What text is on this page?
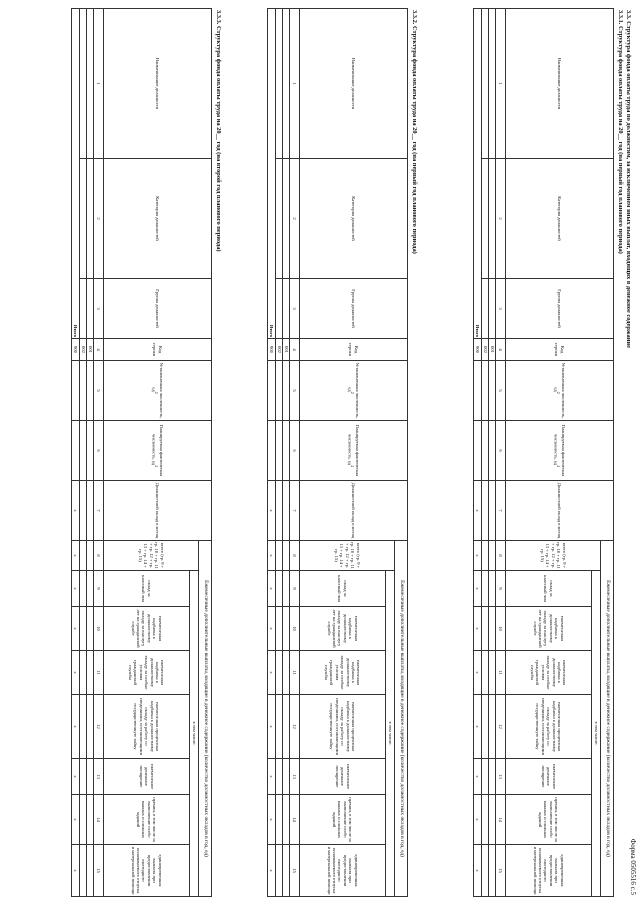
Форма 0505516 с.5
3.3. Структура фонда оплаты труда по должностям, за исключением иных выплат, входящих в денежное содержание
3.3.1. Структура фонда оплаты труда на 20__ год (на первый год планового периода)
Наименование должности	Категория должностей	Группа должностей	Код строки	Установленная численность, $ед^2$	Планируемая фактическая численность, $ед^4$	Должностной оклад в месяц	Ежемесячные дополнительные выплаты, входящие в денежное содержание (количество должностных окладов в год, ед)							
							всего (гр. 9 + гр. 10 + гр. 11 + гр. 12 + гр. 13 + гр. 14 + гр. 15)	в том числе:						
								оклад за классный чин	ежемесячная надбавка к должностному окладу за выслугу лет на гражданской службе	ежемесячная надбавка к должностному окладу за особые условия гражданской службы	ежемесячная процентная надбавка к должностному окладу за работу со сведениями, составляющими государственную тайну	ежемесячное денежное поощрение	премии, в том числе за выполнение особо важных и сложных заданий	единовременная выплата при предоставлении ежегодного оплачиваемого отпуска и материальной помощи
1	2	3	4	5	6	7	8	9	10	11	12	13	14	15
			001											
			002											
Итого			900			x	x	x	x	x	x	x	x	x
3.3.2. Структура фонда оплаты труда на 20__ год (на первый год планового периода)
Наименование должности	Категория должностей	Группа должностей	Код строки	Установленная численность, $ед^2$	Планируемая фактическая численность, $ед^4$	Должностной оклад в месяц	Ежемесячные дополнительные выплаты, входящие в денежное содержание (количество должностных окладов в год, ед)							
							всего (гр. 9 + гр. 10 + гр. 11 + гр. 12 + гр. 13 + гр. 14 + гр. 15)	в том числе:						
								оклад за классный чин	ежемесячная надбавка к должностному окладу за выслугу лет на гражданской службе	ежемесячная надбавка к должностному окладу за особые условия гражданской службы	ежемесячная процентная надбавка к должностному окладу за работу со сведениями, составляющими государственную тайну	ежемесячное денежное поощрение	премии, в том числе за выполнение особо важных и сложных заданий	единовременная выплата при предоставлении ежегодного оплачиваемого отпуска и материальной помощи
1	2	3	4	5	6	7	8	9	10	11	12	13	14	15
			001											
			002											
Итого			900			x	x	x	x	x	x	x	x	x
3.3.3. Структура фонда оплаты труда на 20__ год (на второй год планового периода)
Наименование должности	Категория должностей	Группа должностей	Код строки	Установленная численность, $ед^2$	Планируемая фактическая численность, $ед^4$	Должностной оклад в месяц	Ежемесячные дополнительные выплаты, входящие в денежное содержание (количество должностных окладов в год, ед)							
							всего (гр. 9 + гр. 10 + гр. 11 + гр. 12 + гр. 13 + гр. 14 + гр. 15)	в том числе:						
								оклад за классный чин	ежемесячная надбавка к должностному окладу за выслугу лет на гражданской службе	ежемесячная надбавка к должностному окладу за особые условия гражданской службы	ежемесячная процентная надбавка к должностному окладу за работу со сведениями, составляющими государственную тайну	ежемесячное денежное поощрение	премии, в том числе за выполнение особо важных и сложных заданий	единовременная выплата при предоставлении ежегодного оплачиваемого отпуска и материальной помощи
1	2	3	4	5	6	7	8	9	10	11	12	13	14	15
			001											
			002											
Итого			900			x	x	x	x	x	x	x	x	x
